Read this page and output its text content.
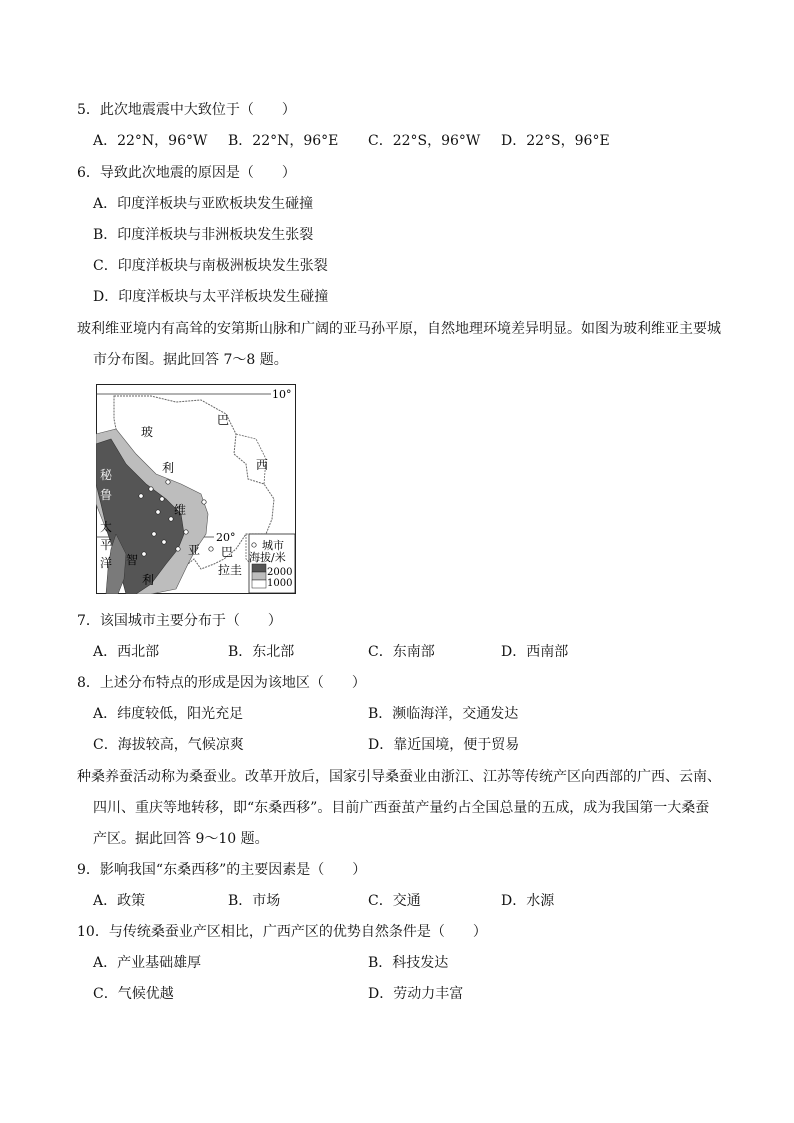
5．此次地震震中大致位于（　　）
A．22°N，96°W B．22°N，96°E C．22°S，96°W D．22°S，96°E
6．导致此次地震的原因是（　　）
A．印度洋板块与亚欧板块发生碰撞
B．印度洋板块与非洲板块发生张裂
C．印度洋板块与南极洲板块发生张裂
D．印度洋板块与太平洋板块发生碰撞
玻利维亚境内有高耸的安第斯山脉和广阔的亚马孙平原，自然地理环境差异明显。如图为玻利维亚主要城
市分布图。据此回答 7～8 题。
10°
20°
巴
玻
西
利
秘
鲁
维
太
平
洋
亚 巴
拉圭
智
利
城市
海拔/米
2000
1000
7．该国城市主要分布于（　　）
A．西北部	B．东北部	C．东南部	D．西南部
8．上述分布特点的形成是因为该地区（　　）
A．纬度较低，阳光充足	B．濒临海洋，交通发达
C．海拔较高，气候凉爽	D．靠近国境，便于贸易
种桑养蚕活动称为桑蚕业。改革开放后，国家引导桑蚕业由浙江、江苏等传统产区向西部的广西、云南、
四川、重庆等地转移，即“东桑西移”。目前广西蚕茧产量约占全国总量的五成，成为我国第一大桑蚕
产区。据此回答 9～10 题。
9．影响我国“东桑西移”的主要因素是（　　）
A．政策	B．市场	C．交通	D．水源
10．与传统桑蚕业产区相比，广西产区的优势自然条件是（　　）
A．产业基础雄厚	B．科技发达
C．气候优越	D．劳动力丰富
